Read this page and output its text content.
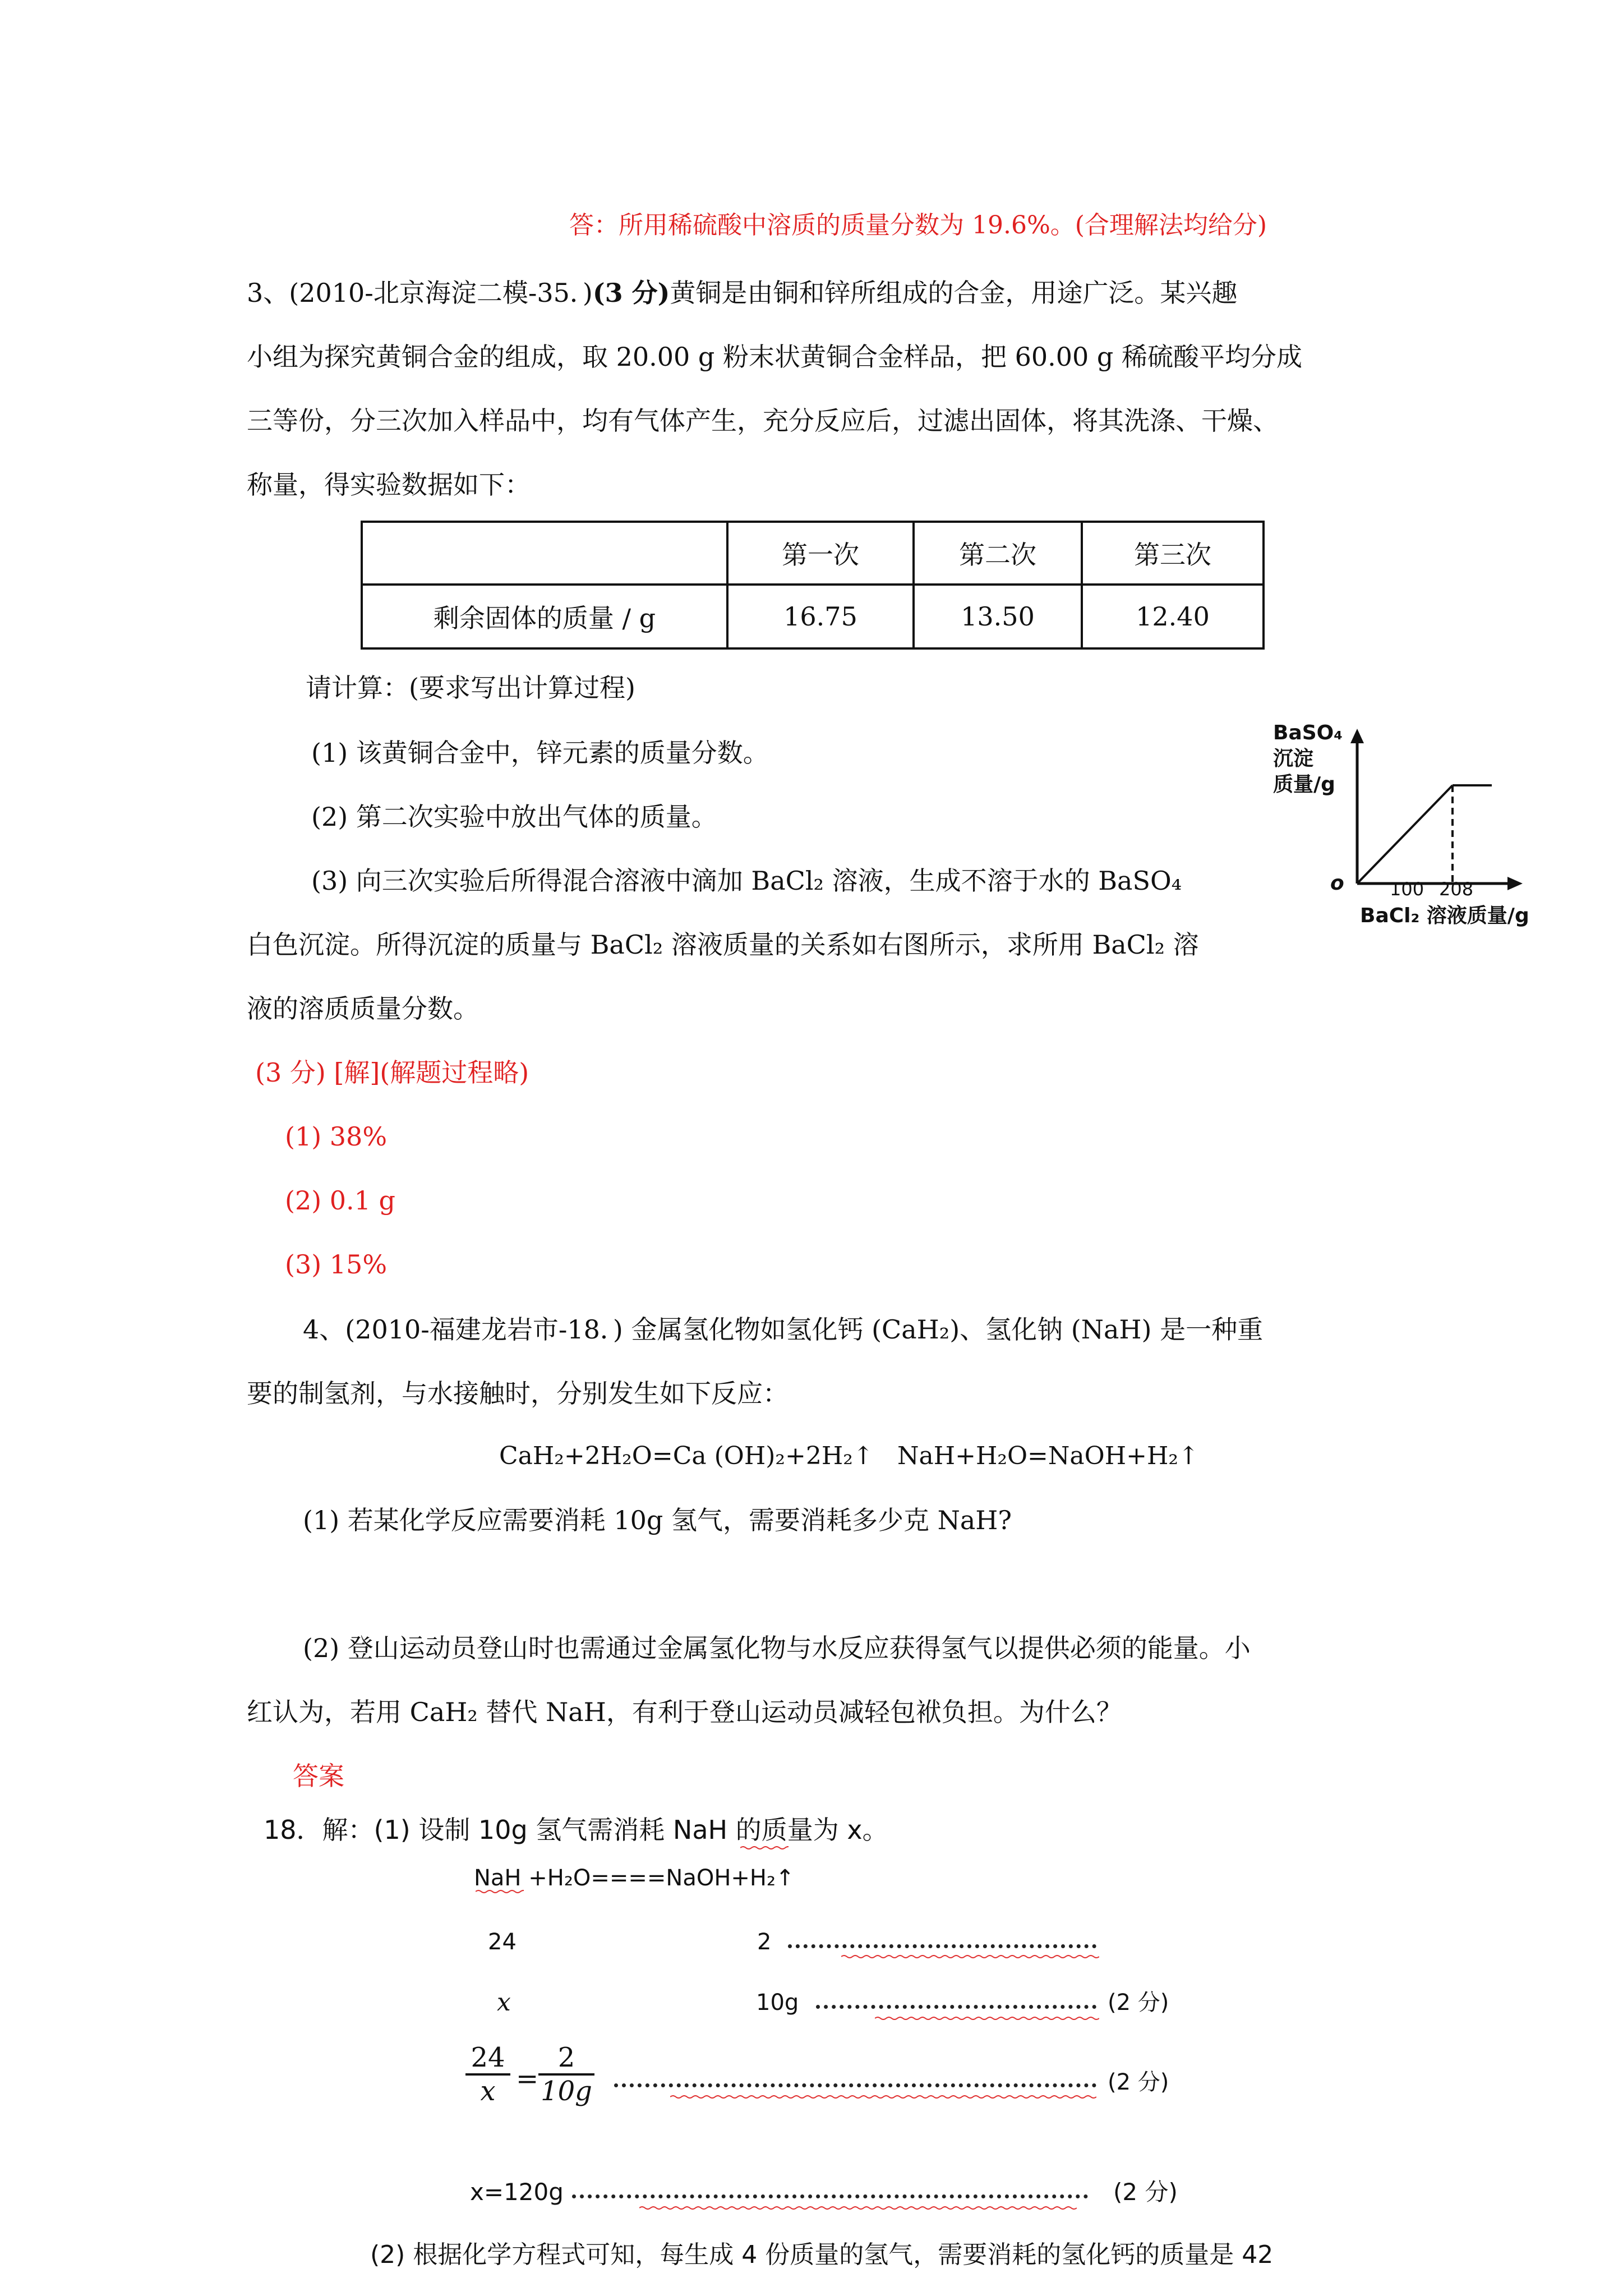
答：所用稀硫酸中溶质的质量分数为 19.6%。(合理解法均给分)
3、(2010-北京海淀二模-35．)(3 分)黄铜是由铜和锌所组成的合金，用途广泛。某兴趣
小组为探究黄铜合金的组成，取 20.00 g 粉末状黄铜合金样品，把 60.00 g 稀硫酸平均分成
三等份，分三次加入样品中，均有气体产生，充分反应后，过滤出固体，将其洗涤、干燥、
称量，得实验数据如下：
	第一次	第二次	第三次
剩余固体的质量 / g	16.75	13.50	12.40
请计算：(要求写出计算过程)
(1) 该黄铜合金中，锌元素的质量分数。
(2) 第二次实验中放出气体的质量。
(3) 向三次实验后所得混合溶液中滴加 BaCl₂ 溶液，生成不溶于水的 BaSO₄
白色沉淀。所得沉淀的质量与 BaCl₂ 溶液质量的关系如右图所示，求所用 BaCl₂ 溶
液的溶质质量分数。
BaSO₄
沉淀
质量/g
o	100 208
BaCl₂ 溶液质量/g
(3 分) [解](解题过程略)
(1) 38%
(2) 0.1 g
(3) 15%
4、(2010-福建龙岩市-18．) 金属氢化物如氢化钙 (CaH₂)、氢化钠 (NaH) 是一种重
要的制氢剂，与水接触时，分别发生如下反应：
CaH₂+2H₂O=Ca (OH)₂+2H₂↑ NaH+H₂O=NaOH+H₂↑
(1) 若某化学反应需要消耗 10g 氢气，需要消耗多少克 NaH?
(2) 登山运动员登山时也需通过金属氢化物与水反应获得氢气以提供必须的能量。小
红认为，若用 CaH₂ 替代 NaH，有利于登山运动员减轻包袱负担。为什么？
答案
18．解：(1) 设制 10g 氢气需消耗 NaH 的质量为 x。
NaH +H₂O====NaOH+H₂↑
24	2
x	10g	(2 分)
24
x =
2
10g	(2 分)
x=120g	(2 分)
(2) 根据化学方程式可知，每生成 4 份质量的氢气，需要消耗的氢化钙的质量是 42
